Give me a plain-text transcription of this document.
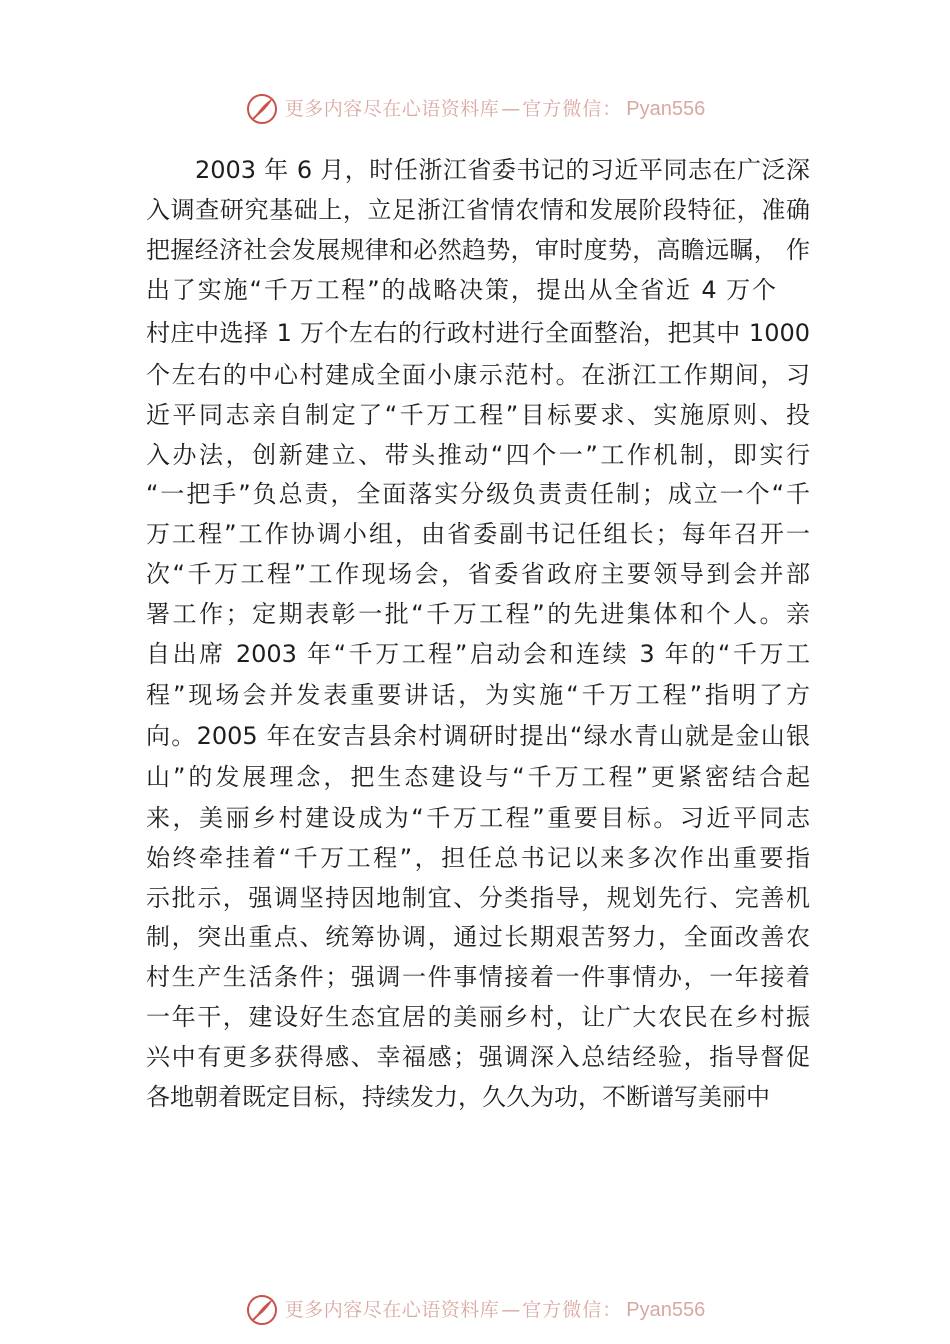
更多内容尽在心语资料库 — 官方微信： Pyan556
2003 年 6 月，时任浙江省委书记的习近平同志在广泛深
入调查研究基础上，立足浙江省情农情和发展阶段特征，准确
把握经济社会发展规律和必然趋势，审时度势，高瞻远瞩， 作
出了实施“千万工程”的战略决策，提出从全省近 4 万个
村庄中选择 1 万个左右的行政村进行全面整治，把其中 1000
个左右的中心村建成全面小康示范村。在浙江工作期间，习
近平同志亲自制定了“千万工程”目标要求、实施原则、投
入办法，创新建立、带头推动“四个一”工作机制，即实行
“一把手”负总责，全面落实分级负责责任制；成立一个“千
万工程”工作协调小组，由省委副书记任组长；每年召开一
次“千万工程”工作现场会，省委省政府主要领导到会并部
署工作；定期表彰一批“千万工程”的先进集体和个人。亲
自出席 2003 年“千万工程”启动会和连续 3 年的“千万工
程”现场会并发表重要讲话，为实施“千万工程”指明了方
向。2005 年在安吉县余村调研时提出“绿水青山就是金山银
山”的发展理念，把生态建设与“千万工程”更紧密结合起
来，美丽乡村建设成为“千万工程”重要目标。习近平同志
始终牵挂着“千万工程”，担任总书记以来多次作出重要指
示批示，强调坚持因地制宜、分类指导，规划先行、完善机
制，突出重点、统筹协调，通过长期艰苦努力，全面改善农
村生产生活条件；强调一件事情接着一件事情办，一年接着
一年干，建设好生态宜居的美丽乡村，让广大农民在乡村振
兴中有更多获得感、幸福感；强调深入总结经验，指导督促
各地朝着既定目标，持续发力，久久为功，不断谱写美丽中
更多内容尽在心语资料库 — 官方微信： Pyan556
